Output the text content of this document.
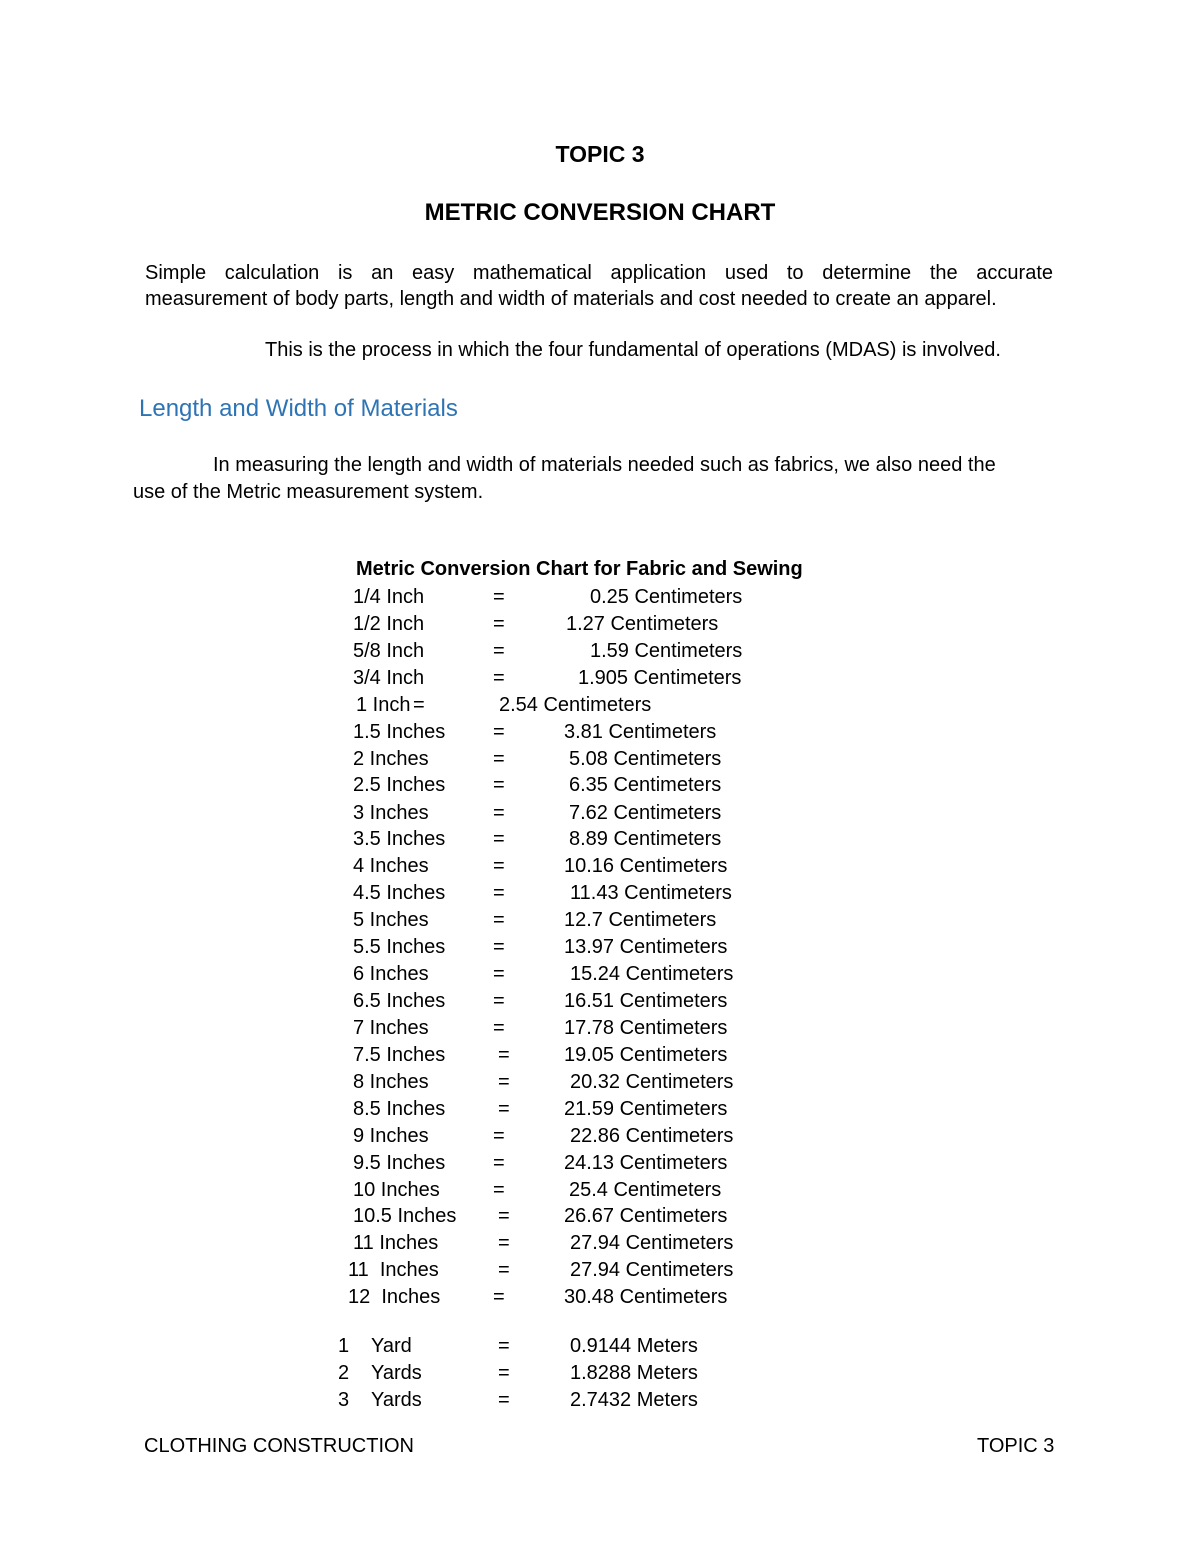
TOPIC 3
METRIC CONVERSION CHART
Simple calculation is an easy mathematical application used to determine the accurate
measurement of body parts, length and width of materials and cost needed to create an apparel.
This is the process in which the four fundamental of operations (MDAS) is involved.
Length and Width of Materials
In measuring the length and width of materials needed such as fabrics, we also need the
use of the Metric measurement system.
Metric Conversion Chart for Fabric and Sewing
1/4 Inch	=	0.25 Centimeters
1/2 Inch	=	1.27 Centimeters
5/8 Inch	=	1.59 Centimeters
3/4 Inch	=	1.905 Centimeters
1 Inch =	2.54 Centimeters
1.5 Inches =	3.81 Centimeters
2 Inches	=	5.08 Centimeters
2.5 Inches =	6.35 Centimeters
3 Inches	=	7.62 Centimeters
3.5 Inches =	8.89 Centimeters
4 Inches	=	10.16 Centimeters
4.5 Inches =	11.43 Centimeters
5 Inches	=	12.7 Centimeters
5.5 Inches =	13.97 Centimeters
6 Inches	=	15.24 Centimeters
6.5 Inches =	16.51 Centimeters
7 Inches	=	17.78 Centimeters
7.5 Inches	=	19.05 Centimeters
8 Inches	=	20.32 Centimeters
8.5 Inches	=	21.59 Centimeters
9 Inches	=	22.86 Centimeters
9.5 Inches =	24.13 Centimeters
10 Inches	=	25.4 Centimeters
10.5 Inches =	26.67 Centimeters
11 Inches	=	27.94 Centimeters
11  Inches	=	27.94 Centimeters
12  Inches	=	30.48 Centimeters
1 Yard	=	0.9144 Meters
2 Yards	=	1.8288 Meters
3 Yards	=	2.7432 Meters
CLOTHING CONSTRUCTION	TOPIC 3
